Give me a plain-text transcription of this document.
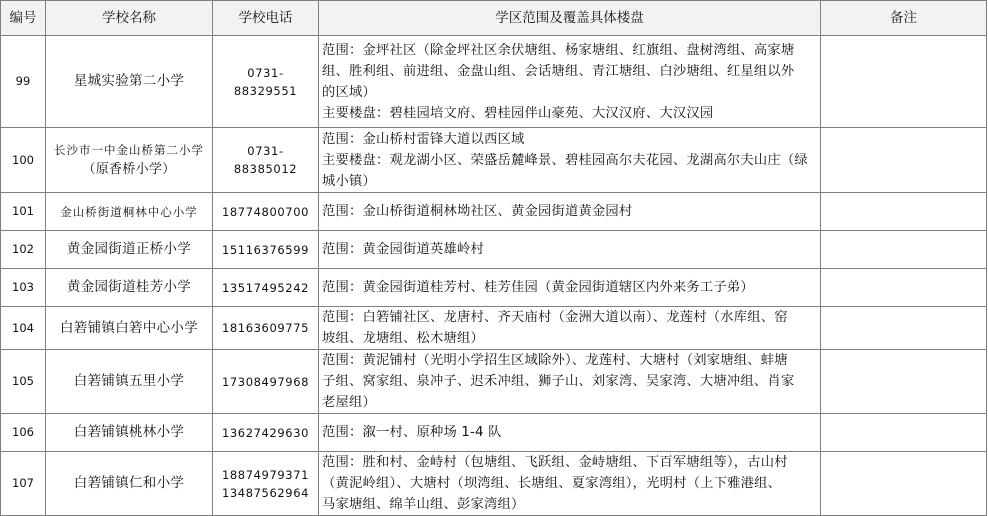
编号	学校名称	学校电话	学区范围及覆盖具体楼盘	备注
99	星城实验第二小学	0731-88329551	范围：金坪社区（除金坪社区余伏塘组、杨家塘组、红旗组、盘树湾组、高家塘
组、胜利组、前进组、金盘山组、会话塘组、青江塘组、白沙塘组、红星组以外
的区域）
主要楼盘：碧桂园培文府、碧桂园伴山豪苑、大汉汉府、大汉汉园	

100	长沙市一中金山桥第二小学
（原香桥小学）	0731-88385012	范围：金山桥村雷锋大道以西区域
主要楼盘：观龙湖小区、荣盛岳麓峰景、碧桂园高尔夫花园、龙湖高尔夫山庄（绿
城小镇）	

101	金山桥街道桐林中心小学	18774800700	范围：金山桥街道桐林坳社区、黄金园街道黄金园村	

102	黄金园街道正桥小学	15116376599	范围：黄金园街道英雄岭村	

103	黄金园街道桂芳小学	13517495242	范围：黄金园街道桂芳村、桂芳佳园（黄金园街道辖区内外来务工子弟）	

104	白箬铺镇白箬中心小学	18163609775	范围：白箬铺社区、龙唐村、齐天庙村（金洲大道以南）、龙莲村（水库组、窑
坡组、龙塘组、松木塘组）	

105	白箬铺镇五里小学	17308497968	范围：黄泥铺村（光明小学招生区域除外）、龙莲村、大塘村（刘家塘组、蚌塘
子组、窝家组、泉冲子、迟禾冲组、狮子山、刘家湾、吴家湾、大塘冲组、肖家
老屋组）	

106	白箬铺镇桃林小学	13627429630	范围：溆一村、原种场 1-4 队	

107	白箬铺镇仁和小学	18874979371
13487562964	范围：胜和村、金峙村（包塘组、飞跃组、金峙塘组、下百军塘组等），古山村
（黄泥岭组）、大塘村（坝湾组、长塘组、夏家湾组），光明村（上下雅港组、
马家塘组、绵羊山组、彭家湾组）	
